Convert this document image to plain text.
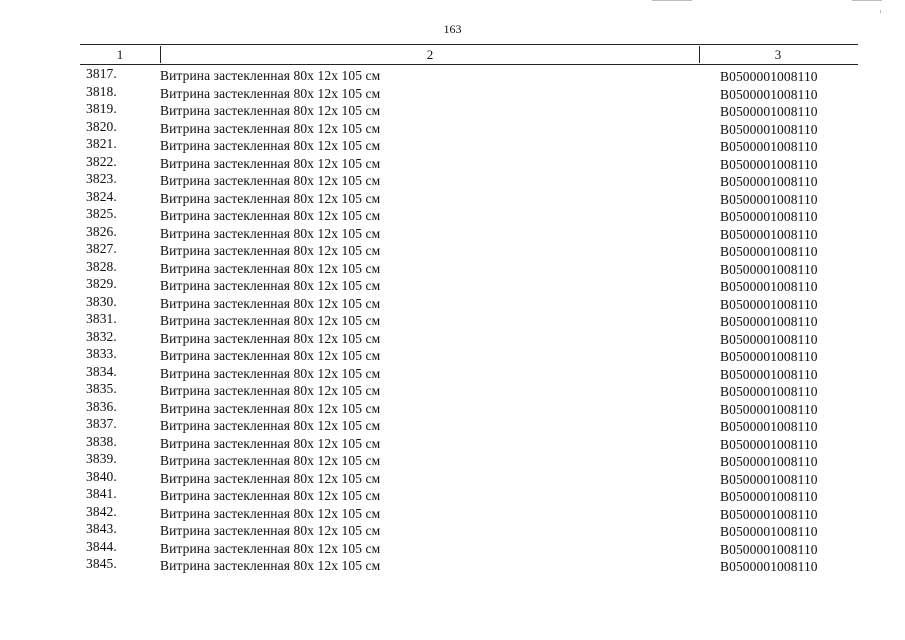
163
1	2	3
3817.	Витрина застекленная 80х 12х 105 см	B0500001008110
3818.	Витрина застекленная 80х 12х 105 см	B0500001008110
3819.	Витрина застекленная 80х 12х 105 см	B0500001008110
3820.	Витрина застекленная 80х 12х 105 см	B0500001008110
3821.	Витрина застекленная 80х 12х 105 см	B0500001008110
3822.	Витрина застекленная 80х 12х 105 см	B0500001008110
3823.	Витрина застекленная 80х 12х 105 см	B0500001008110
3824.	Витрина застекленная 80х 12х 105 см	B0500001008110
3825.	Витрина застекленная 80х 12х 105 см	B0500001008110
3826.	Витрина застекленная 80х 12х 105 см	B0500001008110
3827.	Витрина застекленная 80х 12х 105 см	B0500001008110
3828.	Витрина застекленная 80х 12х 105 см	B0500001008110
3829.	Витрина застекленная 80х 12х 105 см	B0500001008110
3830.	Витрина застекленная 80х 12х 105 см	B0500001008110
3831.	Витрина застекленная 80х 12х 105 см	B0500001008110
3832.	Витрина застекленная 80х 12х 105 см	B0500001008110
3833.	Витрина застекленная 80х 12х 105 см	B0500001008110
3834.	Витрина застекленная 80х 12х 105 см	B0500001008110
3835.	Витрина застекленная 80х 12х 105 см	B0500001008110
3836.	Витрина застекленная 80х 12х 105 см	B0500001008110
3837.	Витрина застекленная 80х 12х 105 см	B0500001008110
3838.	Витрина застекленная 80х 12х 105 см	B0500001008110
3839.	Витрина застекленная 80х 12х 105 см	B0500001008110
3840.	Витрина застекленная 80х 12х 105 см	B0500001008110
3841.	Витрина застекленная 80х 12х 105 см	B0500001008110
3842.	Витрина застекленная 80х 12х 105 см	B0500001008110
3843.	Витрина застекленная 80х 12х 105 см	B0500001008110
3844.	Витрина застекленная 80х 12х 105 см	B0500001008110
3845.	Витрина застекленная 80х 12х 105 см	B0500001008110
